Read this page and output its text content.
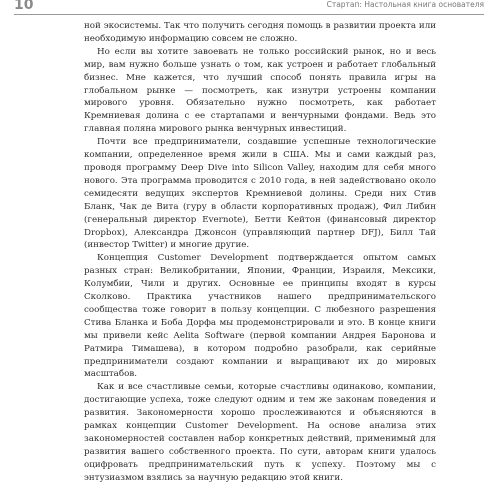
10	Стартап: Настольная книга основателя

ной экосистемы. Так что получить сегодня помощь в развитии проекта или необходимую информацию совсем не сложно.

Но если вы хотите завоевать не только российский рынок, но и весь мир, вам нужно больше узнать о том, как устроен и работает глобальный бизнес. Мне кажется, что лучший способ понять правила игры на глобальном рынке — посмотреть, как изнутри устроены компании мирового уровня. Обязательно нужно посмотреть, как работает Кремниевая долина с ее стартапами и венчурными фондами. Ведь это главная поляна мирового рынка венчурных инвестиций.

Почти все предприниматели, создавшие успешные технологические компании, определенное время жили в США. Мы и сами каждый раз, проводя программу Deep Dive into Silicon Valley, находим для себя много нового. Эта программа проводится с 2010 года, в ней задействовано около семидесяти ведущих экспертов Кремниевой долины. Среди них Стив Бланк, Чак де Вита (гуру в области корпоративных продаж), Фил Либин (генеральный директор Evernote), Бетти Кейтон (финансовый директор Dropbox), Александра Джонсон (управляющий партнер DFJ), Билл Тай (инвестор Twitter) и многие другие.

Концепция Customer Development подтверждается опытом самых разных стран: Великобритании, Японии, Франции, Израиля, Мексики, Колумбии, Чили и других. Основные ее принципы входят в курсы Сколково. Практика участников нашего предпринимательского сообщества тоже говорит в пользу концепции. С любезного разрешения Стива Бланка и Боба Дорфа мы продемонстрировали и это. В конце книги мы привели кейс Aelita Software (первой компании Андрея Баронова и Ратмира Тимашева), в котором подробно разобрали, как серийные предприниматели создают компании и выращивают их до мировых масштабов.

Как и все счастливые семьи, которые счастливы одинаково, компании, достигающие успеха, тоже следуют одним и тем же законам поведения и развития. Закономерности хорошо прослеживаются и объясняются в рамках концепции Customer Development. На основе анализа этих закономерностей составлен набор конкретных действий, применимый для развития вашего собственного проекта. По сути, авторам книги удалось оцифровать предпринимательский путь к успеху. Поэтому мы с энтузиазмом взялись за научную редакцию этой книги.
